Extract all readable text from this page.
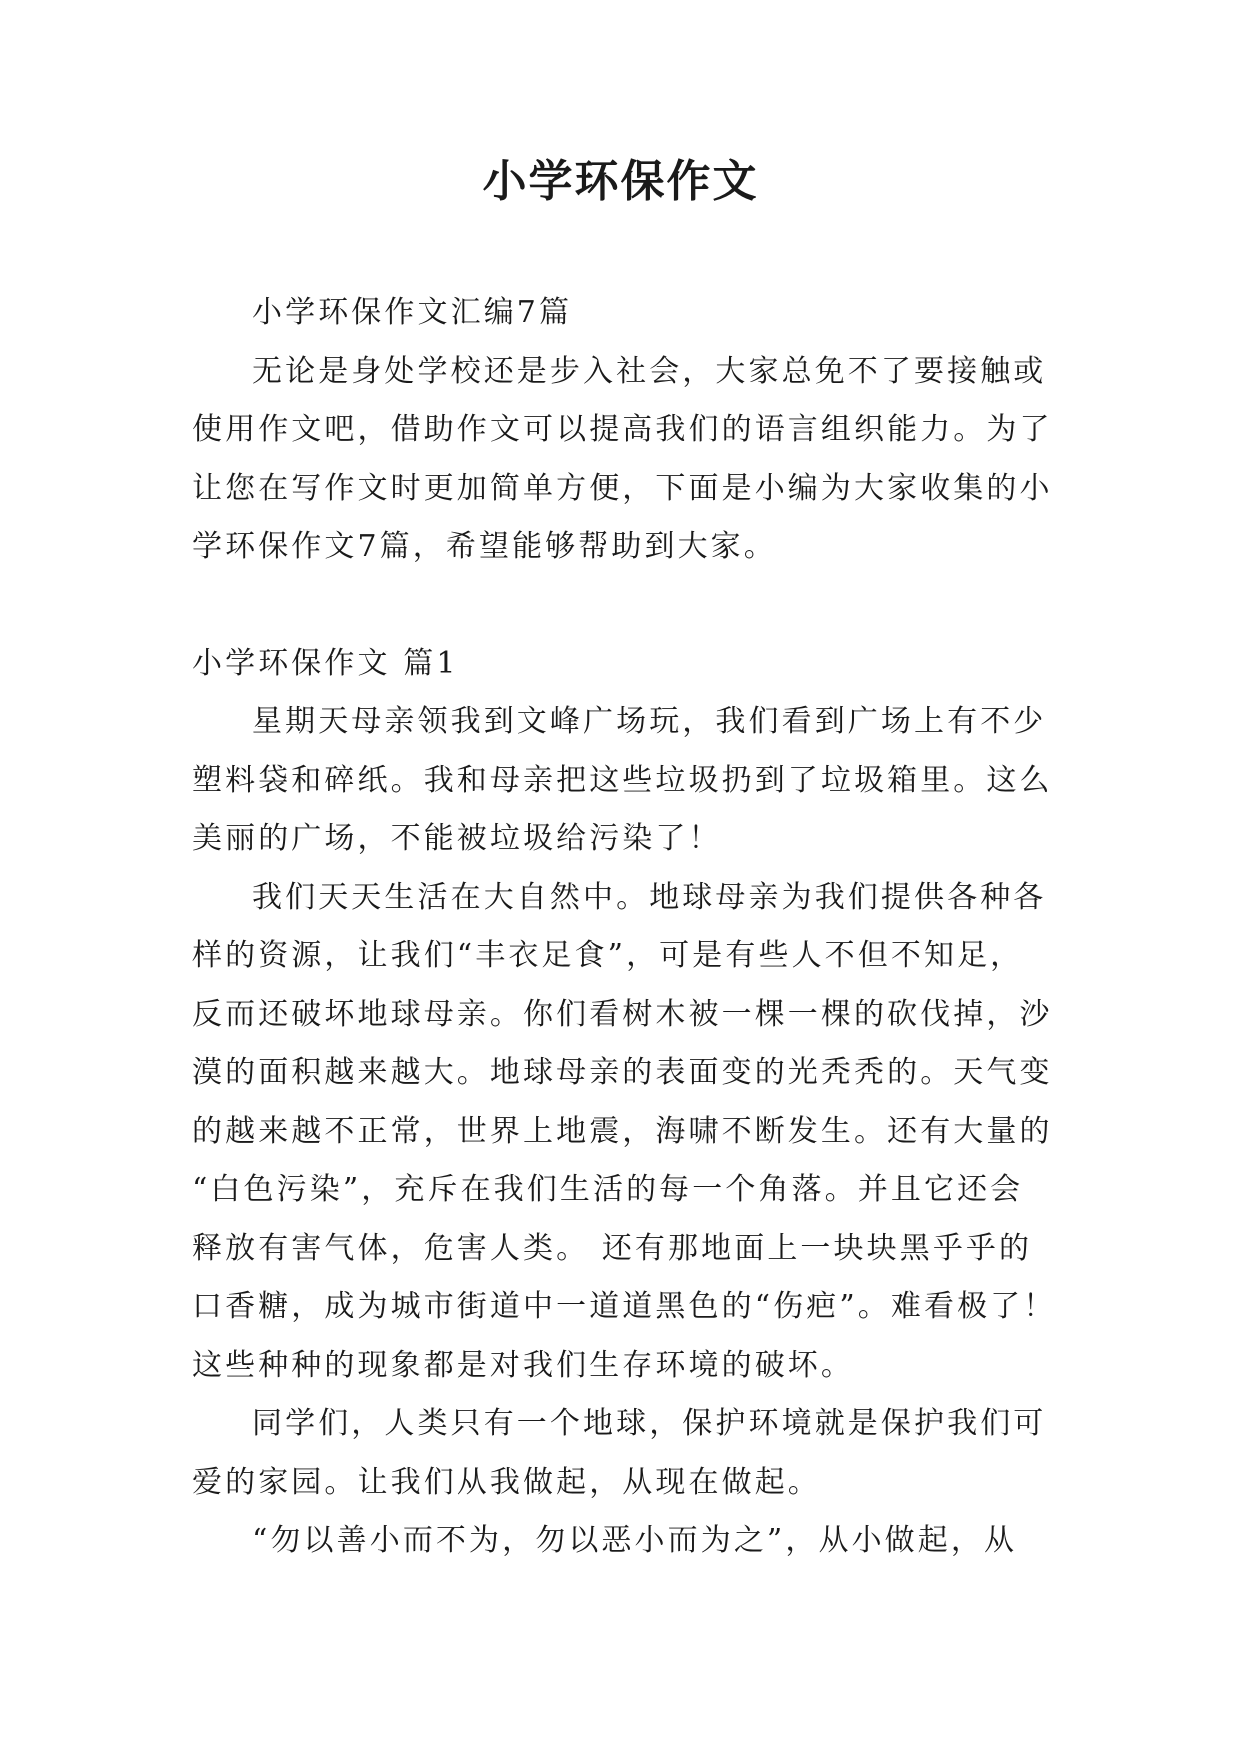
小学环保作文

小学环保作文汇编7篇

无论是身处学校还是步入社会，大家总免不了要接触或
使用作文吧，借助作文可以提高我们的语言组织能力。为了
让您在写作文时更加简单方便，下面是小编为大家收集的小
学环保作文7篇，希望能够帮助到大家。

小学环保作文 篇1

星期天母亲领我到文峰广场玩，我们看到广场上有不少
塑料袋和碎纸。我和母亲把这些垃圾扔到了垃圾箱里。这么
美丽的广场，不能被垃圾给污染了！

我们天天生活在大自然中。地球母亲为我们提供各种各
样的资源，让我们“丰衣足食”，可是有些人不但不知足，
反而还破坏地球母亲。你们看树木被一棵一棵的砍伐掉，沙
漠的面积越来越大。地球母亲的表面变的光秃秃的。天气变
的越来越不正常，世界上地震，海啸不断发生。还有大量的
“白色污染”，充斥在我们生活的每一个角落。并且它还会
释放有害气体，危害人类。 还有那地面上一块块黑乎乎的
口香糖，成为城市街道中一道道黑色的“伤疤”。难看极了！
这些种种的现象都是对我们生存环境的破坏。

同学们，人类只有一个地球，保护环境就是保护我们可
爱的家园。让我们从我做起，从现在做起。

“勿以善小而不为，勿以恶小而为之”，从小做起，从
